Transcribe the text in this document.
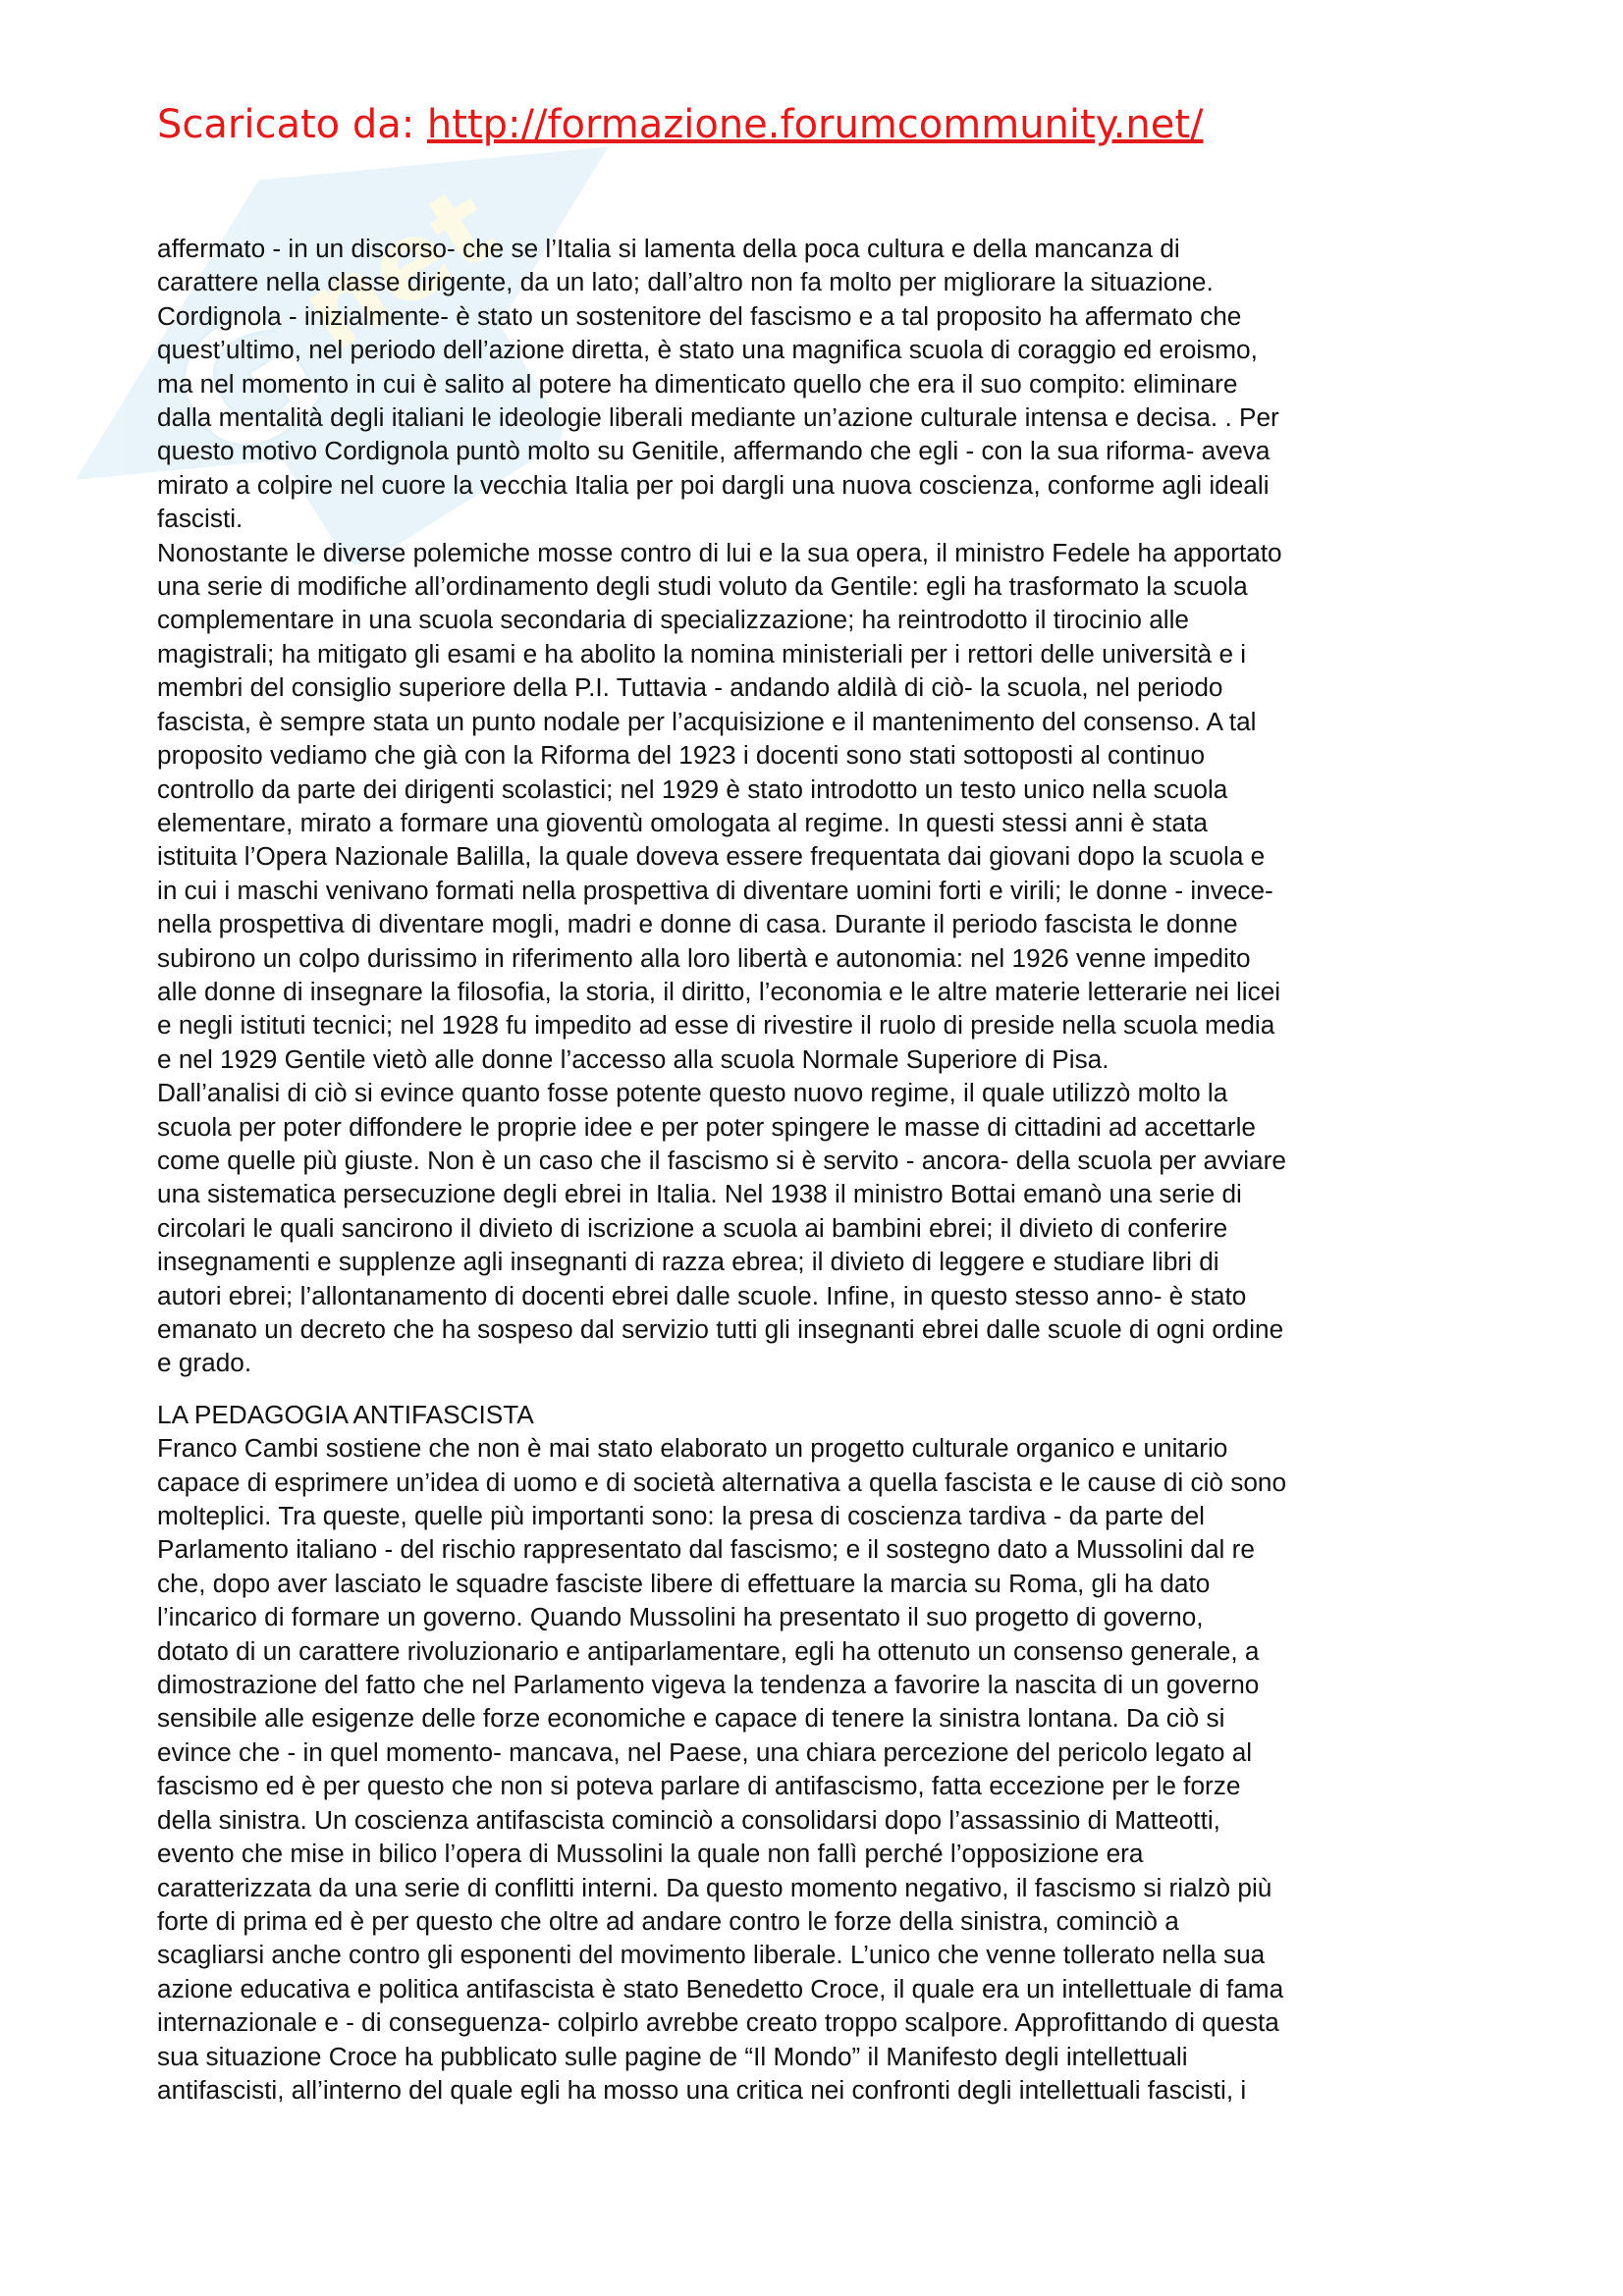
G
net
Scaricato da: http://formazione.forumcommunity.net/

affermato - in un discorso- che se l’Italia si lamenta della poca cultura e della mancanza di

carattere nella classe dirigente, da un lato; dall’altro non fa molto per migliorare la situazione.

Cordignola - inizialmente- è stato un sostenitore del fascismo e a tal proposito ha affermato che

quest’ultimo, nel periodo dell’azione diretta, è stato una magnifica scuola di coraggio ed eroismo,

ma nel momento in cui è salito al potere ha dimenticato quello che era il suo compito: eliminare

dalla mentalità degli italiani le ideologie liberali mediante un’azione culturale intensa e decisa. . Per

questo motivo Cordignola puntò molto su Genitile, affermando che egli - con la sua riforma- aveva

mirato a colpire nel cuore la vecchia Italia per poi dargli una nuova coscienza, conforme agli ideali

fascisti.

Nonostante le diverse polemiche mosse contro di lui e la sua opera, il ministro Fedele ha apportato

una serie di modifiche all’ordinamento degli studi voluto da Gentile: egli ha trasformato la scuola

complementare in una scuola secondaria di specializzazione; ha reintrodotto il tirocinio alle

magistrali; ha mitigato gli esami e ha abolito la nomina ministeriali per i rettori delle università e i

membri del consiglio superiore della P.I. Tuttavia - andando aldilà di ciò- la scuola, nel periodo

fascista, è sempre stata un punto nodale per l’acquisizione e il mantenimento del consenso. A tal

proposito vediamo che già con la Riforma del 1923 i docenti sono stati sottoposti al continuo

controllo da parte dei dirigenti scolastici; nel 1929 è stato introdotto un testo unico nella scuola

elementare, mirato a formare una gioventù omologata al regime. In questi stessi anni è stata

istituita l’Opera Nazionale Balilla, la quale doveva essere frequentata dai giovani dopo la scuola e

in cui i maschi venivano formati nella prospettiva di diventare uomini forti e virili; le donne - invece-

nella prospettiva di diventare mogli, madri e donne di casa. Durante il periodo fascista le donne

subirono un colpo durissimo in riferimento alla loro libertà e autonomia: nel 1926 venne impedito

alle donne di insegnare la filosofia, la storia, il diritto, l’economia e le altre materie letterarie nei licei

e negli istituti tecnici; nel 1928 fu impedito ad esse di rivestire il ruolo di preside nella scuola media

e nel 1929 Gentile vietò alle donne l’accesso alla scuola Normale Superiore di Pisa.

Dall’analisi di ciò si evince quanto fosse potente questo nuovo regime, il quale utilizzò molto la

scuola per poter diffondere le proprie idee e per poter spingere le masse di cittadini ad accettarle

come quelle più giuste. Non è un caso che il fascismo si è servito - ancora- della scuola per avviare

una sistematica persecuzione degli ebrei in Italia. Nel 1938 il ministro Bottai emanò una serie di

circolari le quali sancirono il divieto di iscrizione a scuola ai bambini ebrei; il divieto di conferire

insegnamenti e supplenze agli insegnanti di razza ebrea; il divieto di leggere e studiare libri di

autori ebrei; l’allontanamento di docenti ebrei dalle scuole. Infine, in questo stesso anno- è stato

emanato un decreto che ha sospeso dal servizio tutti gli insegnanti ebrei dalle scuole di ogni ordine

e grado.

LA PEDAGOGIA ANTIFASCISTA

Franco Cambi sostiene che non è mai stato elaborato un progetto culturale organico e unitario

capace di esprimere un’idea di uomo e di società alternativa a quella fascista e le cause di ciò sono

molteplici. Tra queste, quelle più importanti sono: la presa di coscienza tardiva - da parte del

Parlamento italiano - del rischio rappresentato dal fascismo; e il sostegno dato a Mussolini dal re

che, dopo aver lasciato le squadre fasciste libere di effettuare la marcia su Roma, gli ha dato

l’incarico di formare un governo. Quando Mussolini ha presentato il suo progetto di governo,

dotato di un carattere rivoluzionario e antiparlamentare, egli ha ottenuto un consenso generale, a

dimostrazione del fatto che nel Parlamento vigeva la tendenza a favorire la nascita di un governo

sensibile alle esigenze delle forze economiche e capace di tenere la sinistra lontana. Da ciò si

evince che - in quel momento- mancava, nel Paese, una chiara percezione del pericolo legato al

fascismo ed è per questo che non si poteva parlare di antifascismo, fatta eccezione per le forze

della sinistra. Un coscienza antifascista cominciò a consolidarsi dopo l’assassinio di Matteotti,

evento che mise in bilico l’opera di Mussolini la quale non fallì perché l’opposizione era

caratterizzata da una serie di conflitti interni. Da questo momento negativo, il fascismo si rialzò più

forte di prima ed è per questo che oltre ad andare contro le forze della sinistra, cominciò a

scagliarsi anche contro gli esponenti del movimento liberale. L’unico che venne tollerato nella sua

azione educativa e politica antifascista è stato Benedetto Croce, il quale era un intellettuale di fama

internazionale e - di conseguenza- colpirlo avrebbe creato troppo scalpore. Approfittando di questa

sua situazione Croce ha pubblicato sulle pagine de “Il Mondo” il Manifesto degli intellettuali

antifascisti, all’interno del quale egli ha mosso una critica nei confronti degli intellettuali fascisti, i
